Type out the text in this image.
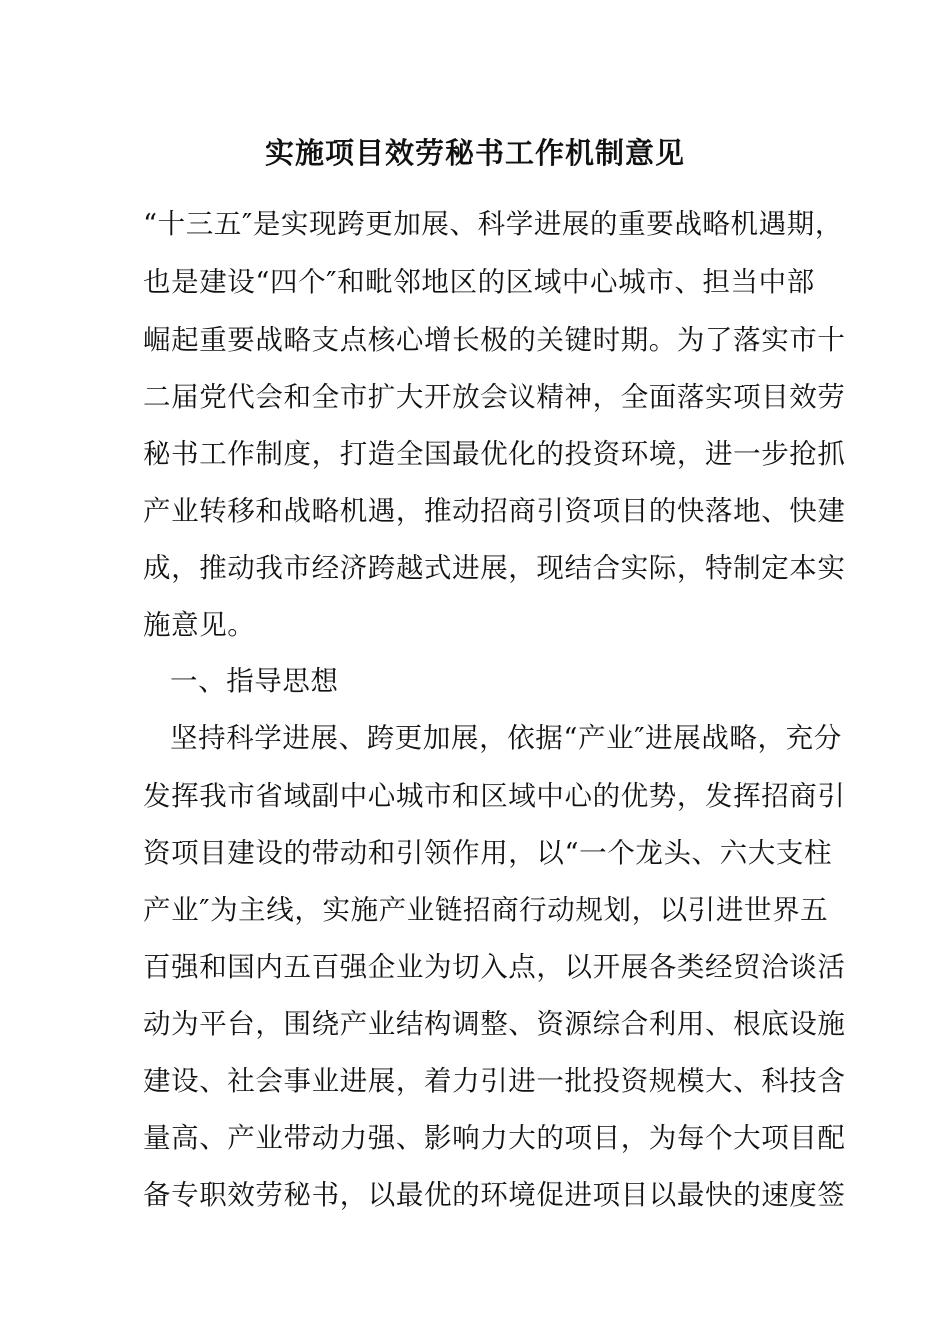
实施项目效劳秘书工作机制意见
“十三五″是实现跨更加展、科学进展的重要战略机遇期，
也是建设“四个″和毗邻地区的区域中心城市、担当中部
崛起重要战略支点核心增长极的关键时期。为了落实市十
二届党代会和全市扩大开放会议精神，全面落实项目效劳
秘书工作制度，打造全国最优化的投资环境，进一步抢抓
产业转移和战略机遇，推动招商引资项目的快落地、快建
成，推动我市经济跨越式进展，现结合实际，特制定本实
施意见。
一、指导思想
坚持科学进展、跨更加展，依据“产业″进展战略，充分
发挥我市省域副中心城市和区域中心的优势，发挥招商引
资项目建设的带动和引领作用，以“一个龙头、六大支柱
产业″为主线，实施产业链招商行动规划，以引进世界五
百强和国内五百强企业为切入点，以开展各类经贸洽谈活
动为平台，围绕产业结构调整、资源综合利用、根底设施
建设、社会事业进展，着力引进一批投资规模大、科技含
量高、产业带动力强、影响力大的项目，为每个大项目配
备专职效劳秘书，以最优的环境促进项目以最快的速度签
